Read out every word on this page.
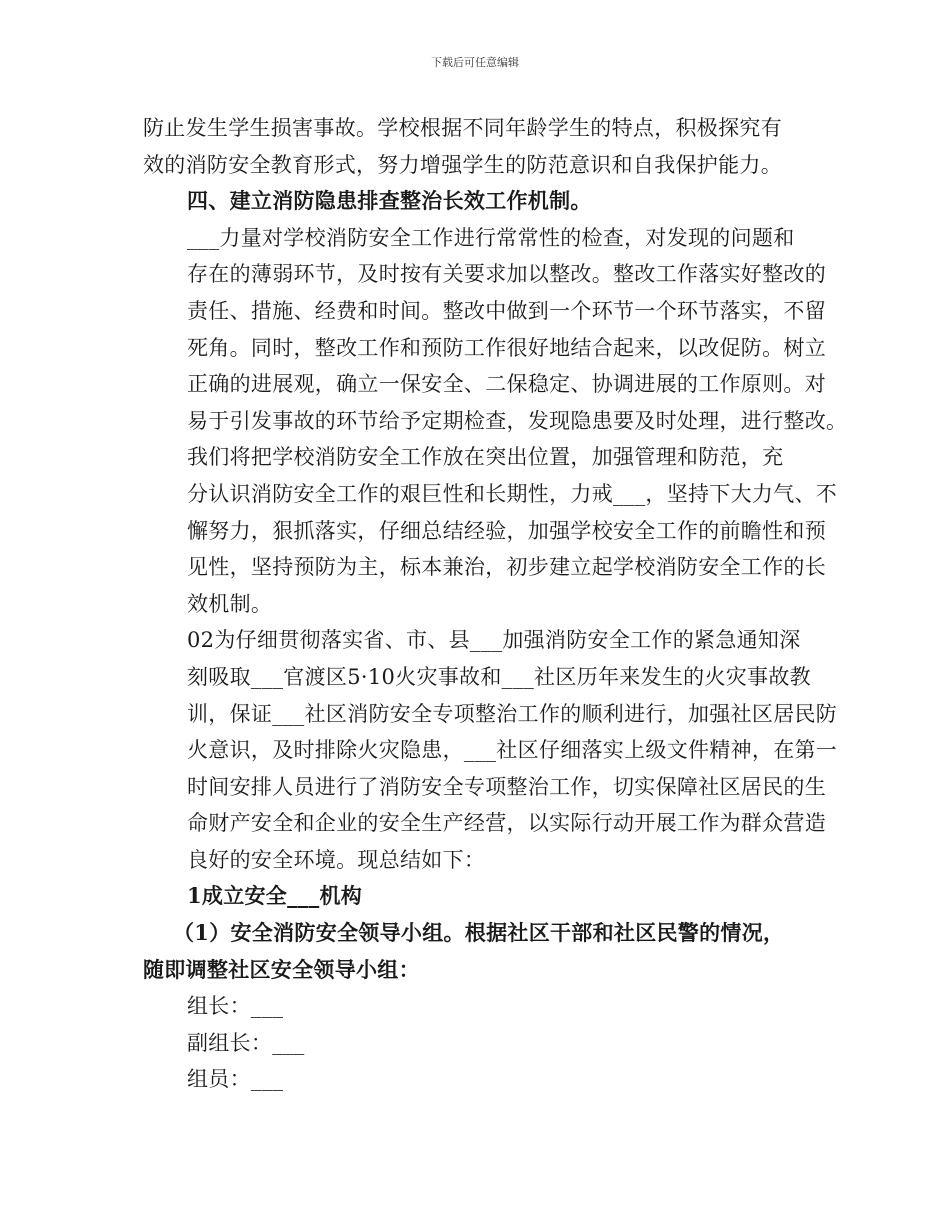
下载后可任意编辑

防止发生学生损害事故。学校根据不同年龄学生的特点，积极探究有
效的消防安全教育形式，努力增强学生的防范意识和自我保护能力。

四、建立消防隐患排查整治长效工作机制。

___力量对学校消防安全工作进行常常性的检查，对发现的问题和
存在的薄弱环节，及时按有关要求加以整改。整改工作落实好整改的
责任、措施、经费和时间。整改中做到一个环节一个环节落实，不留
死角。同时，整改工作和预防工作很好地结合起来，以改促防。树立
正确的进展观，确立一保安全、二保稳定、协调进展的工作原则。对
易于引发事故的环节给予定期检查，发现隐患要及时处理，进行整改。

我们将把学校消防安全工作放在突出位置，加强管理和防范，充
分认识消防安全工作的艰巨性和长期性，力戒___，坚持下大力气、不
懈努力，狠抓落实，仔细总结经验，加强学校安全工作的前瞻性和预
见性，坚持预防为主，标本兼治，初步建立起学校消防安全工作的长
效机制。

02为仔细贯彻落实省、市、县___加强消防安全工作的紧急通知深
刻吸取___官渡区5·10火灾事故和___社区历年来发生的火灾事故教
训，保证___社区消防安全专项整治工作的顺利进行，加强社区居民防
火意识，及时排除火灾隐患，___社区仔细落实上级文件精神，在第一
时间安排人员进行了消防安全专项整治工作，切实保障社区居民的生
命财产安全和企业的安全生产经营，以实际行动开展工作为群众营造
良好的安全环境。现总结如下：

1成立安全___机构

（1）安全消防安全领导小组。根据社区干部和社区民警的情况，
随即调整社区安全领导小组：

组长：___

副组长：___

组员：___
